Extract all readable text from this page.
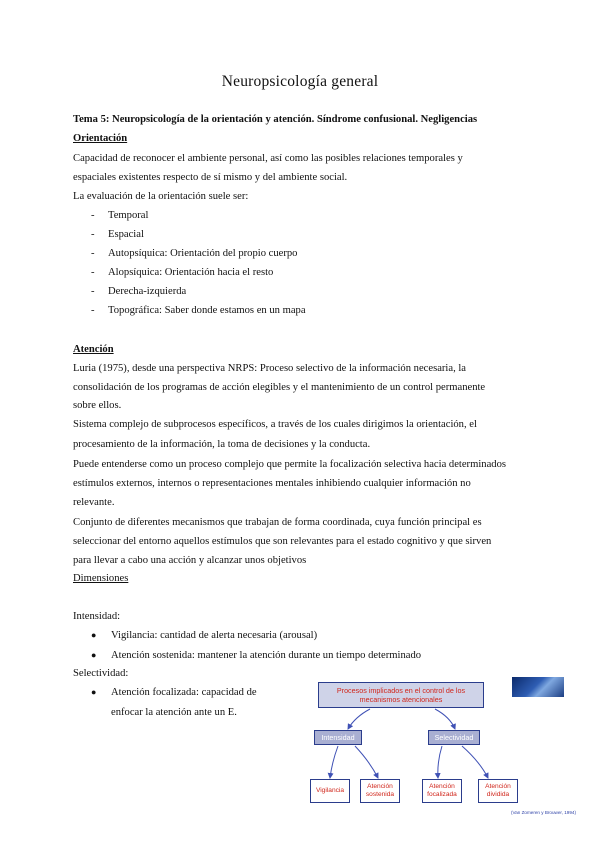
Neuropsicología general
Tema 5: Neuropsicología de la orientación y atención. Síndrome confusional. Negligencias
Orientación
Capacidad de reconocer el ambiente personal, así como las posibles relaciones temporales y
espaciales existentes respecto de sí mismo y del ambiente social.
La evaluación de la orientación suele ser:
- Temporal
- Espacial
- Autopsíquica: Orientación del propio cuerpo
- Alopsíquica: Orientación hacia el resto
- Derecha-izquierda
- Topográfica: Saber donde estamos en un mapa
Atención
Luria (1975), desde una perspectiva NRPS: Proceso selectivo de la información necesaria, la
consolidación de los programas de acción elegibles y el mantenimiento de un control permanente
sobre ellos.
Sistema complejo de subprocesos específicos, a través de los cuales dirigimos la orientación, el
procesamiento de la información, la toma de decisiones y la conducta.
Puede entenderse como un proceso complejo que permite la focalización selectiva hacia determinados
estímulos externos, internos o representaciones mentales inhibiendo cualquier información no
relevante.
Conjunto de diferentes mecanismos que trabajan de forma coordinada, cuya función principal es
seleccionar del entorno aquellos estímulos que son relevantes para el estado cognitivo y que sirven
para llevar a cabo una acción y alcanzar unos objetivos
Dimensiones
Intensidad:
● Vigilancia: cantidad de alerta necesaria (arousal)
● Atención sostenida: mantener la atención durante un tiempo determinado
Selectividad:
● Atención focalizada: capacidad de
enfocar la atención ante un E.
Procesos implicados en el control de los
mecanismos atencionales
Intensidad	Selectividad
Vigilancia
Atención
sostenida
Atención
focalizada
Atención
dividida
(Van Zomeren y Brouwer, 1994)
